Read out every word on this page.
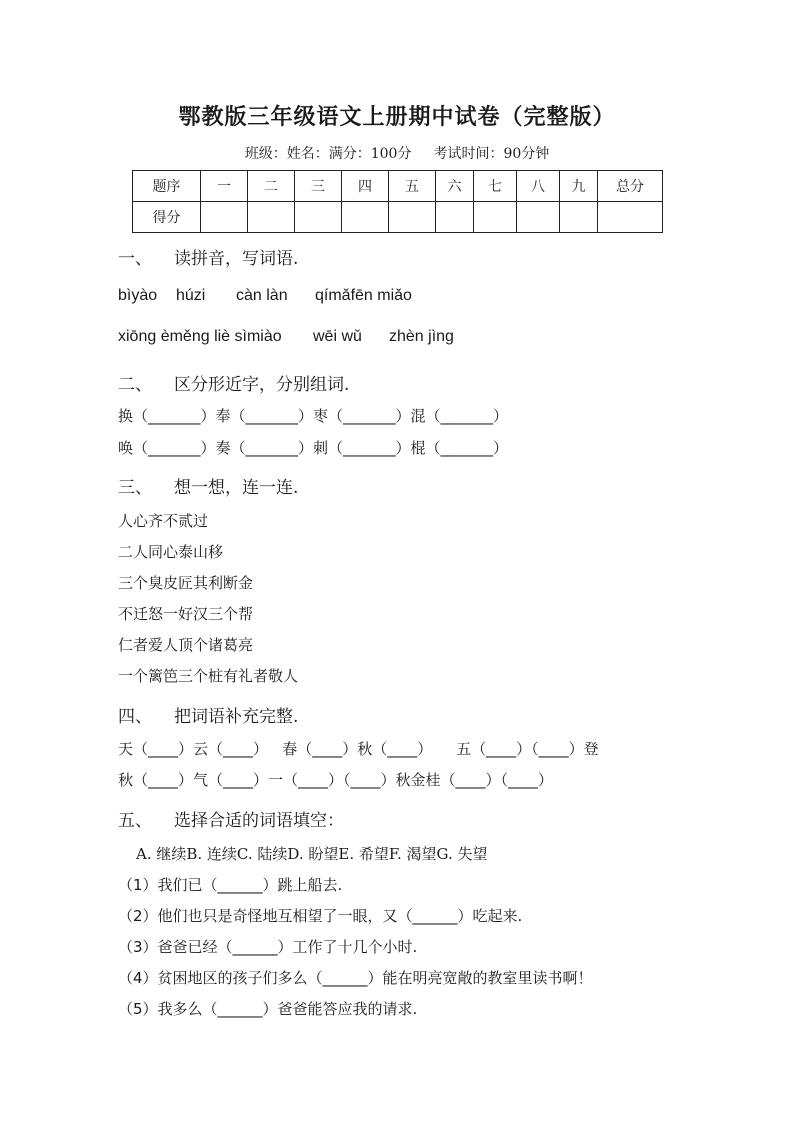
鄂教版三年级语文上册期中试卷（完整版）
班级：姓名：满分：100分 考试时间：90分钟
题序	一	二	三	四	五	六	七	八	九	总分
得分										
一、 读拼音，写词语.
bìyào húzi càn làn qímǎfēn miǎo
xiōng èměng liè sìmiào wēi wǔ zhèn jìng
二、 区分形近字，分别组词.
换（_______）奉（_______）枣（_______）混（_______）
唤（_______）奏（_______）刺（_______）棍（_______）
三、 想一想，连一连.
人心齐不贰过
二人同心泰山移
三个臭皮匠其利断金
不迁怒一好汉三个帮
仁者爱人顶个诸葛亮
一个篱笆三个桩有礼者敬人
四、 把词语补充完整.
天（____）云（____）   春（____）秋（____）     五（____）（____）登
秋（____）气（____）一（____）（____）秋金桂（____）（____）
五、 选择合适的词语填空：
A. 继续B. 连续C. 陆续D. 盼望E. 希望F. 渴望G. 失望
（1）我们已（______）跳上船去.
（2）他们也只是奇怪地互相望了一眼，又（______）吃起来.
（3）爸爸已经（______）工作了十几个小时.
（4）贫困地区的孩子们多么（______）能在明亮宽敞的教室里读书啊！
（5）我多么（______）爸爸能答应我的请求.
